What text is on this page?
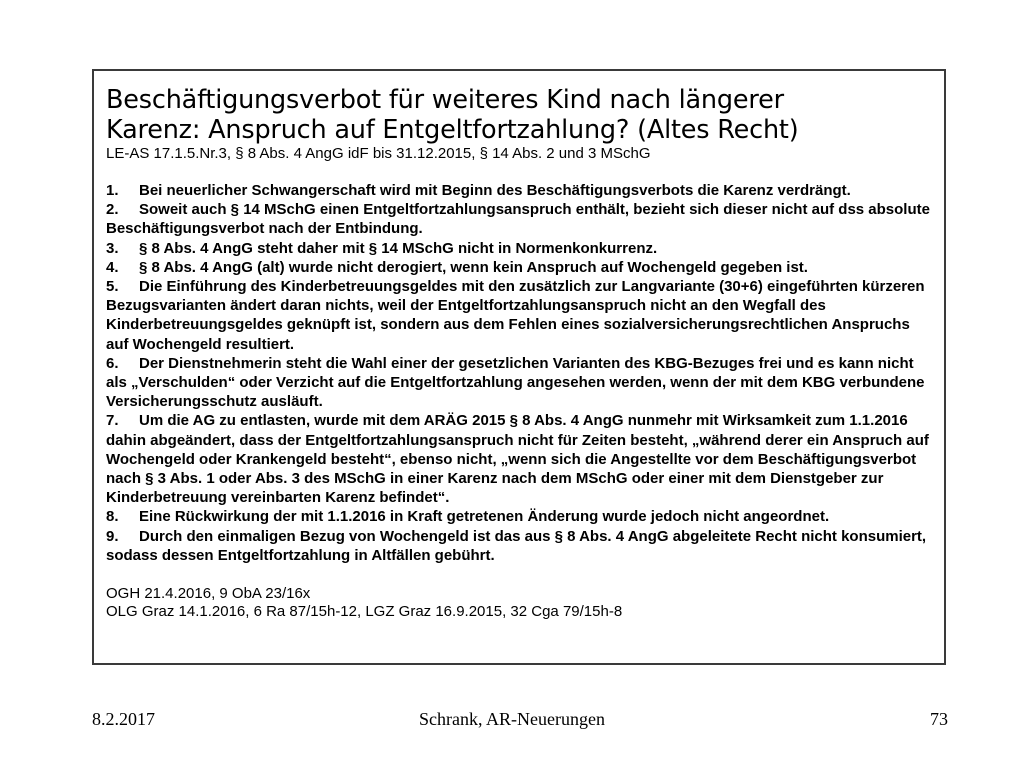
Beschäftigungsverbot für weiteres Kind nach längerer
Karenz: Anspruch auf Entgeltfortzahlung? (Altes Recht)
LE-AS 17.1.5.Nr.3, § 8 Abs. 4 AngG idF bis 31.12.2015, § 14 Abs. 2 und 3 MSchG
1. Bei neuerlicher Schwangerschaft wird mit Beginn des Beschäftigungsverbots die Karenz verdrängt.
2. Soweit auch § 14 MSchG einen Entgeltfortzahlungsanspruch enthält, bezieht sich dieser nicht auf dss absolute Beschäftigungsverbot nach der Entbindung.
3. § 8 Abs. 4 AngG steht daher mit § 14 MSchG nicht in Normenkonkurrenz.
4. § 8 Abs. 4 AngG (alt) wurde nicht derogiert, wenn kein Anspruch auf Wochengeld gegeben ist.
5. Die Einführung des Kinderbetreuungsgeldes mit den zusätzlich zur Langvariante (30+6) eingeführten kürzeren Bezugsvarianten ändert daran nichts, weil der Entgeltfortzahlungsanspruch nicht an den Wegfall des Kinderbetreuungsgeldes geknüpft ist, sondern aus dem Fehlen eines sozialversicherungsrechtlichen Anspruchs auf Wochengeld resultiert.
6. Der Dienstnehmerin steht die Wahl einer der gesetzlichen Varianten des KBG-Bezuges frei und es kann nicht als „Verschulden“ oder Verzicht auf die Entgeltfortzahlung angesehen werden, wenn der mit dem KBG verbundene Versicherungsschutz ausläuft.
7. Um die AG zu entlasten, wurde mit dem ARÄG 2015 § 8 Abs. 4 AngG nunmehr mit Wirksamkeit zum 1.1.2016 dahin abgeändert, dass der Entgeltfortzahlungsanspruch nicht für Zeiten besteht, „während derer ein Anspruch auf Wochengeld oder Krankengeld besteht“, ebenso nicht, „wenn sich die Angestellte vor dem Beschäftigungsverbot nach § 3 Abs. 1 oder Abs. 3 des MSchG in einer Karenz nach dem MSchG oder einer mit dem Dienstgeber zur Kinderbetreuung vereinbarten Karenz befindet“.
8. Eine Rückwirkung der mit 1.1.2016 in Kraft getretenen Änderung wurde jedoch nicht angeordnet.
9. Durch den einmaligen Bezug von Wochengeld ist das aus § 8 Abs. 4 AngG abgeleitete Recht nicht konsumiert, sodass dessen Entgeltfortzahlung in Altfällen gebührt.
OGH 21.4.2016, 9 ObA 23/16x
OLG Graz 14.1.2016, 6 Ra 87/15h-12, LGZ Graz 16.9.2015, 32 Cga 79/15h-8
8.2.2017	Schrank, AR-Neuerungen	73
